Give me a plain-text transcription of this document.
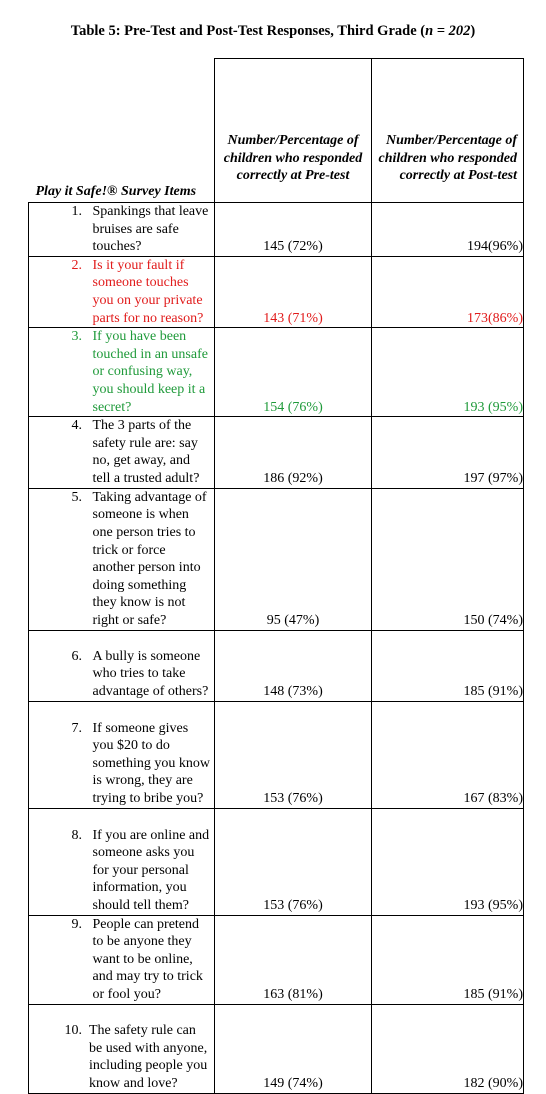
Table 5: Pre-Test and Post-Test Responses, Third Grade (n = 202)
Play it Safe!® Survey Items	Number/Percentage of children who responded correctly at Pre-test	Number/Percentage of children who responded correctly at Post-test

1.
Spankings that leave bruises are safe touches?	145 (72%)	194(96%)

2.
Is it your fault if someone touches you on your private parts for no reason?	143 (71%)	173(86%)

3.
If you have been touched in an unsafe or confusing way, you should keep it a secret?	154 (76%)	193 (95%)

4.
The 3 parts of the safety rule are: say no, get away, and tell a trusted adult?	186 (92%)	197 (97%)

5.
Taking advantage of someone is when one person tries to trick or force another person into doing something they know is not right or safe?	95 (47%)	150 (74%)

6.
A bully is someone who tries to take advantage of others?	148 (73%)	185 (91%)

7.
If someone gives you $20 to do something you know is wrong, they are trying to bribe you?	153 (76%)	167 (83%)

8.
If you are online and someone asks you for your personal information, you should tell them?	153 (76%)	193 (95%)

9.
People can pretend to be anyone they want to be online, and may try to trick or fool you?	163 (81%)	185 (91%)

10.
The safety rule can be used with anyone, including people you know and love?	149 (74%)	182 (90%)
